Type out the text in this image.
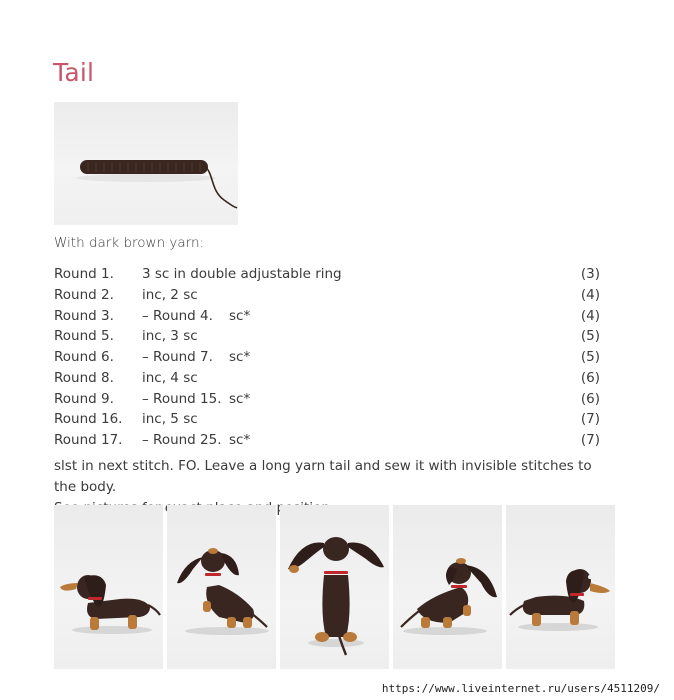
Tail

With dark brown yarn:

Round 1. 3 sc in double adjustable ring	(3)
Round 2. inc, 2 sc	(4)
Round 3. – Round 4. sc*	(4)
Round 5. inc, 3 sc	(5)
Round 6. – Round 7. sc*	(5)
Round 8. inc, 4 sc	(6)
Round 9. – Round 15. sc*	(6)
Round 16. inc, 5 sc	(7)
Round 17. – Round 25. sc*	(7)

slst in next stitch. FO. Leave a long yarn tail and sew it with invisible stitches to the body.

https://www.liveinternet.ru/users/4511209/
